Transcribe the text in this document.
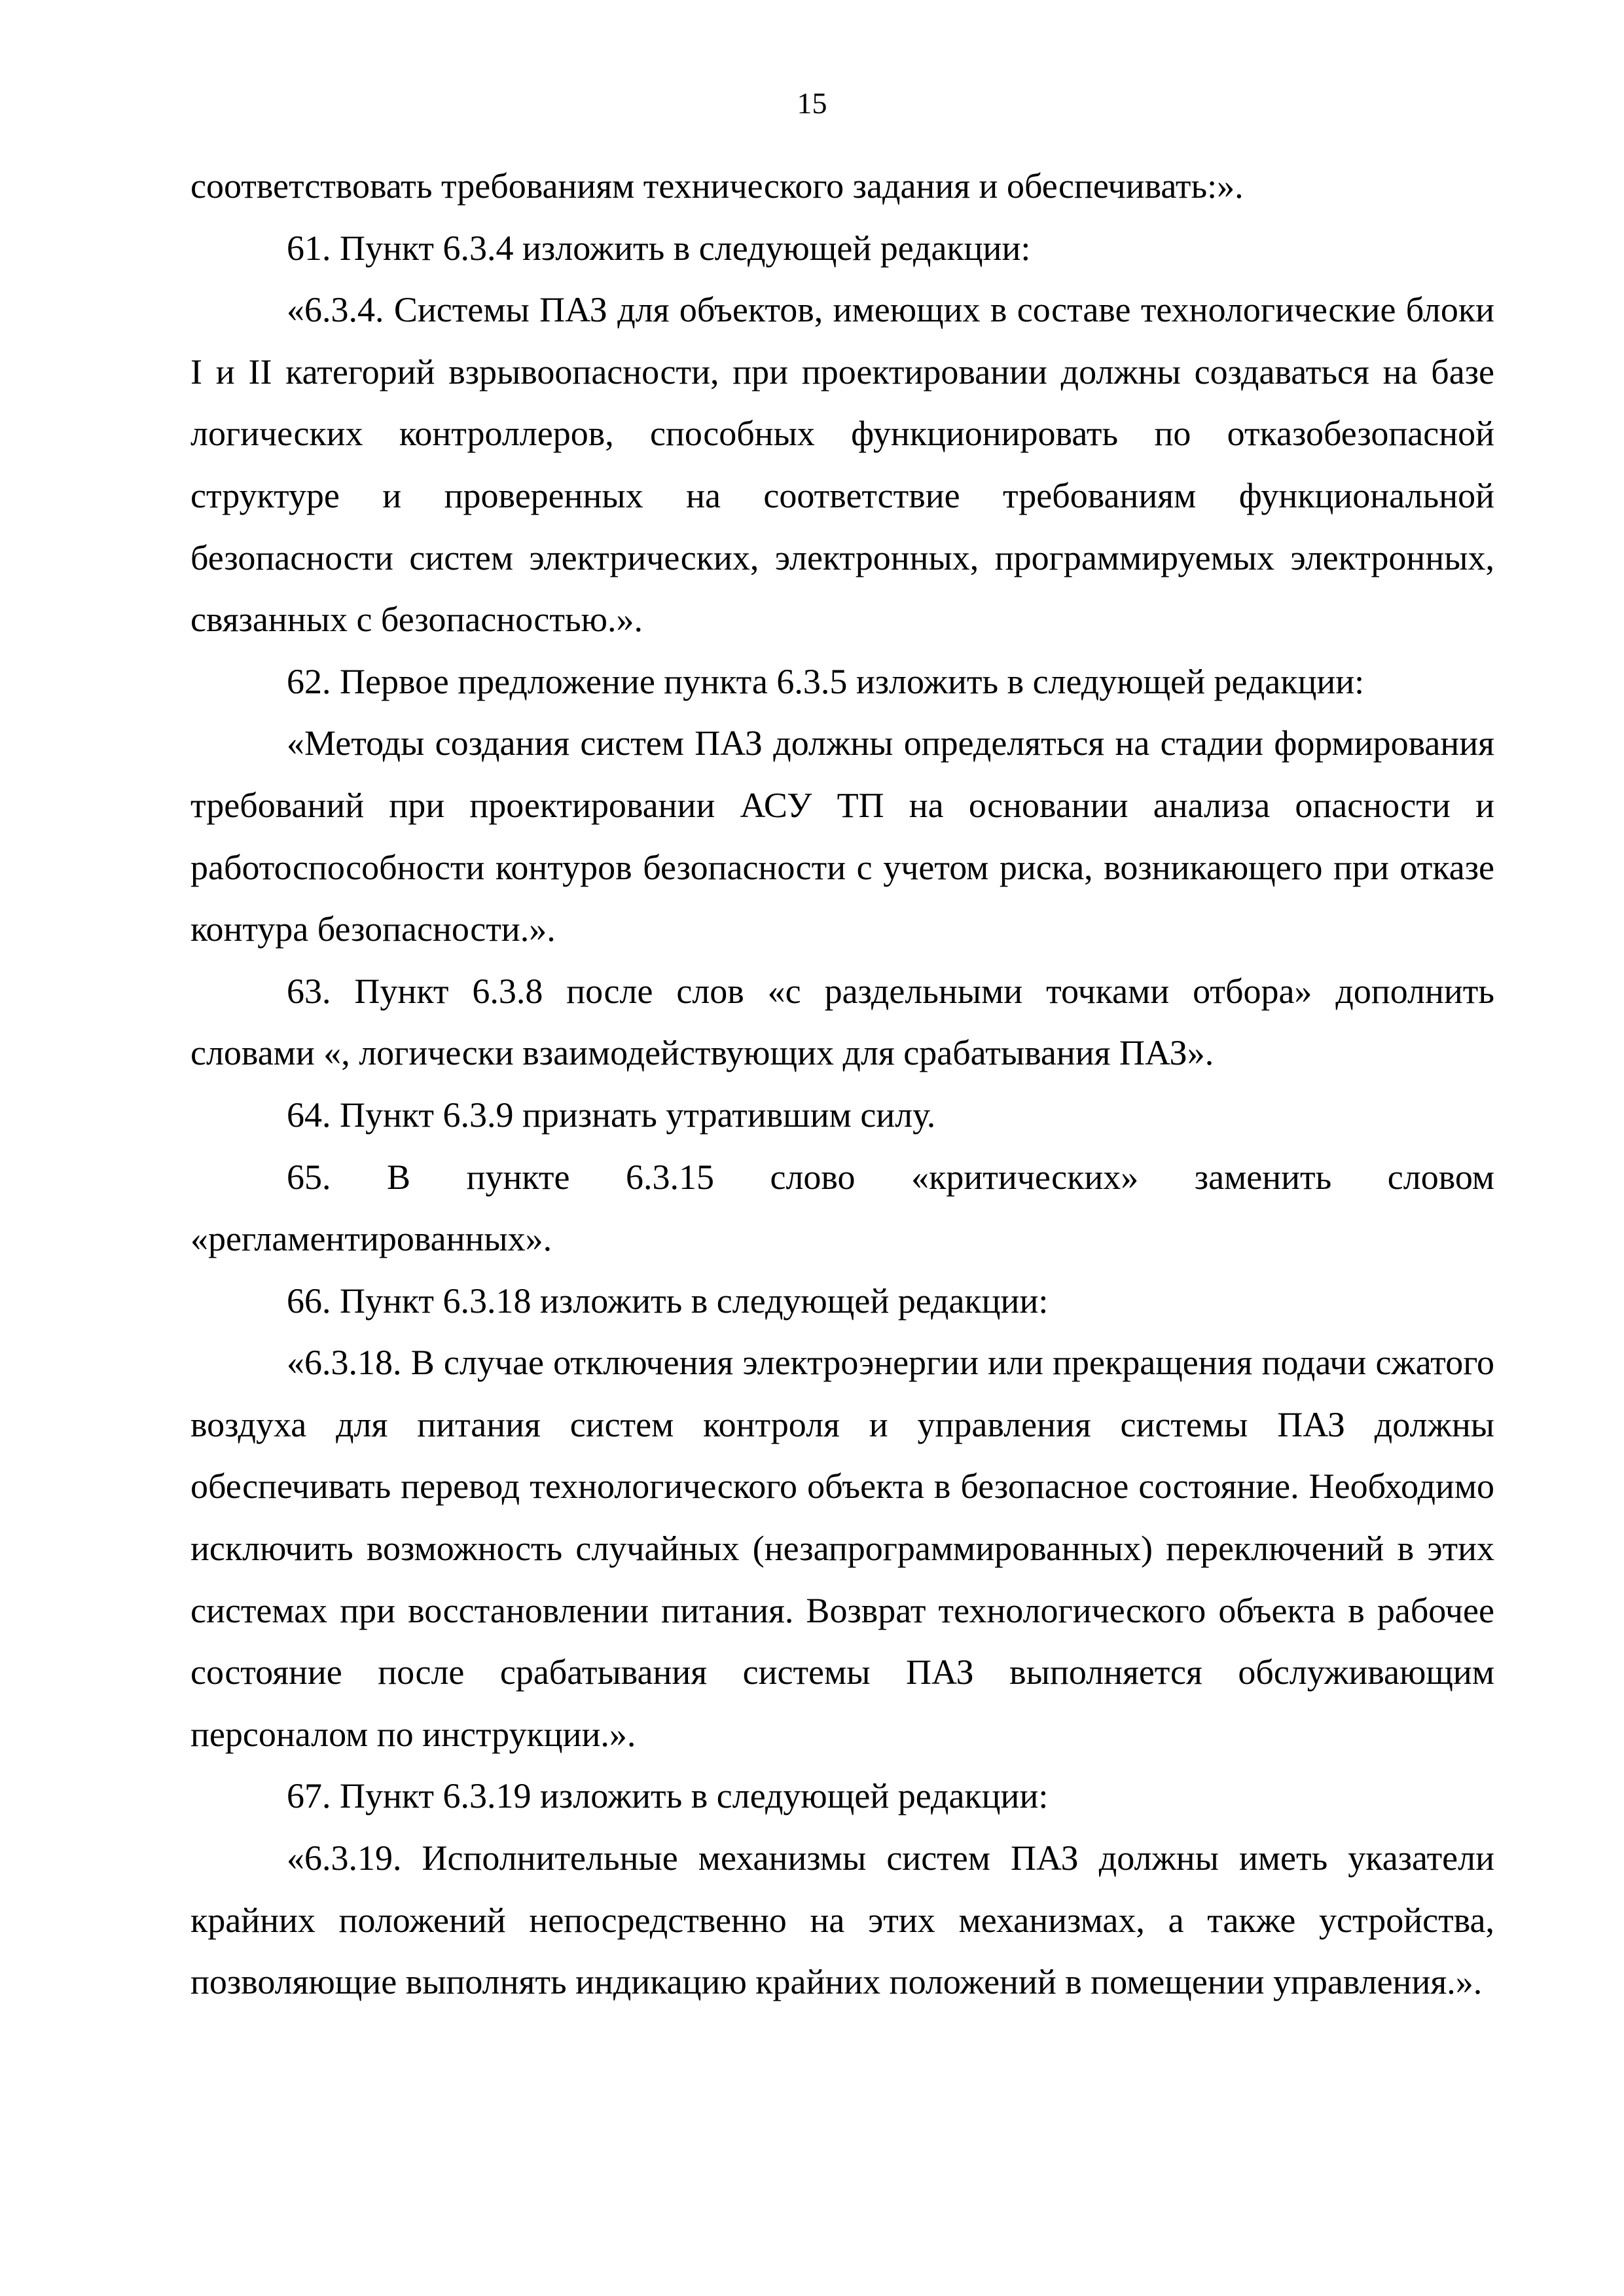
15

соответствовать требованиям технического задания и обеспечивать:».

61. Пункт 6.3.4 изложить в следующей редакции:

«6.3.4. Системы ПАЗ для объектов, имеющих в составе технологические блоки I и II категорий взрывоопасности, при проектировании должны создаваться на базе логических контроллеров, способных функционировать по отказобезопасной структуре и проверенных на соответствие требованиям функциональной безопасности систем электрических, электронных, программируемых электронных, связанных с безопасностью.».

62. Первое предложение пункта 6.3.5 изложить в следующей редакции:

«Методы создания систем ПАЗ должны определяться на стадии формирования требований при проектировании АСУ ТП на основании анализа опасности и работоспособности контуров безопасности с учетом риска, возникающего при отказе контура безопасности.».

63. Пункт 6.3.8 после слов «с раздельными точками отбора» дополнить словами «, логически взаимодействующих для срабатывания ПАЗ».

64. Пункт 6.3.9 признать утратившим силу.

65. В пункте 6.3.15 слово «критических» заменить словом «регламентированных».

66. Пункт 6.3.18 изложить в следующей редакции:

«6.3.18. В случае отключения электроэнергии или прекращения подачи сжатого воздуха для питания систем контроля и управления системы ПАЗ должны обеспечивать перевод технологического объекта в безопасное состояние. Необходимо исключить возможность случайных (незапрограммированных) переключений в этих системах при восстановлении питания. Возврат технологического объекта в рабочее состояние после срабатывания системы ПАЗ выполняется обслуживающим персоналом по инструкции.».

67. Пункт 6.3.19 изложить в следующей редакции:

«6.3.19. Исполнительные механизмы систем ПАЗ должны иметь указатели крайних положений непосредственно на этих механизмах, а также устройства, позволяющие выполнять индикацию крайних положений в помещении управления.».
